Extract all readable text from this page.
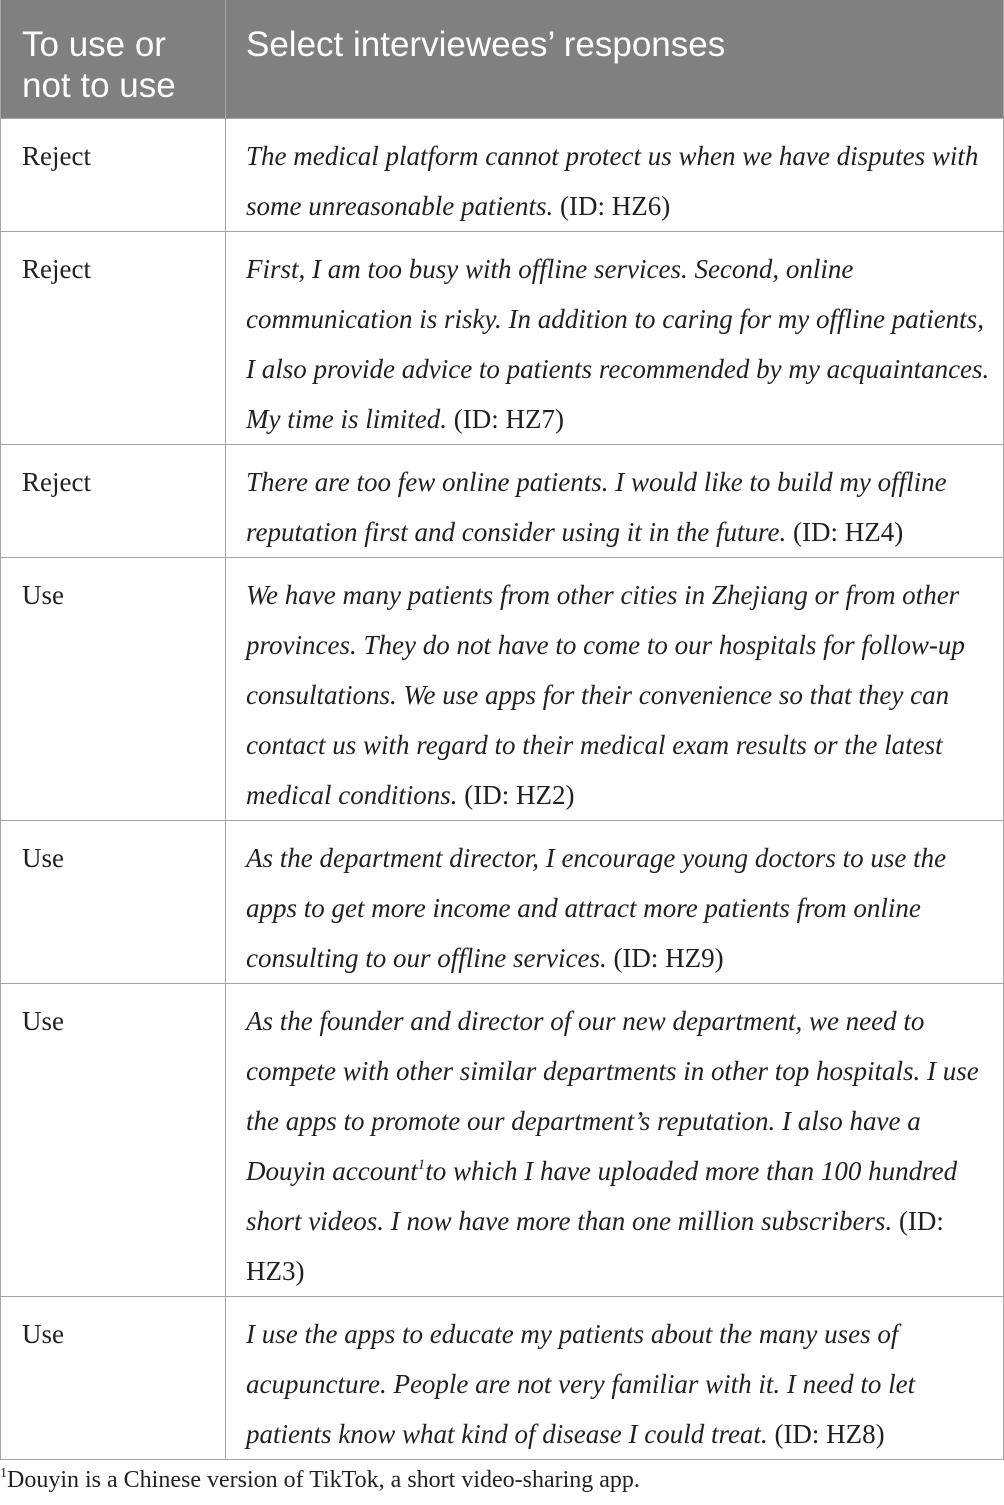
To use or not to use	Select interviewees’ responses
Reject	The medical platform cannot protect us when we have disputes with some unreasonable patients. (ID: HZ6)
Reject	First, I am too busy with offline services. Second, online communication is risky. In addition to caring for my offline patients, I also provide advice to patients recommended by my acquaintances. My time is limited. (ID: HZ7)
Reject	There are too few online patients. I would like to build my offline reputation first and consider using it in the future. (ID: HZ4)
Use	We have many patients from other cities in Zhejiang or from other provinces. They do not have to come to our hospitals for follow-up consultations. We use apps for their convenience so that they can contact us with regard to their medical exam results or the latest medical conditions. (ID: HZ2)
Use	As the department director, I encourage young doctors to use the apps to get more income and attract more patients from online consulting to our offline services. (ID: HZ9)
Use	As the founder and director of our new department, we need to compete with other similar departments in other top hospitals. I use the apps to promote our department’s reputation. I also have a Douyin account$^1$to which I have uploaded more than 100 hundred short videos. I now have more than one million subscribers. (ID: HZ3)
Use	I use the apps to educate my patients about the many uses of acupuncture. People are not very familiar with it. I need to let patients know what kind of disease I could treat. (ID: HZ8)
$^1$Douyin is a Chinese version of TikTok, a short video-sharing app.
